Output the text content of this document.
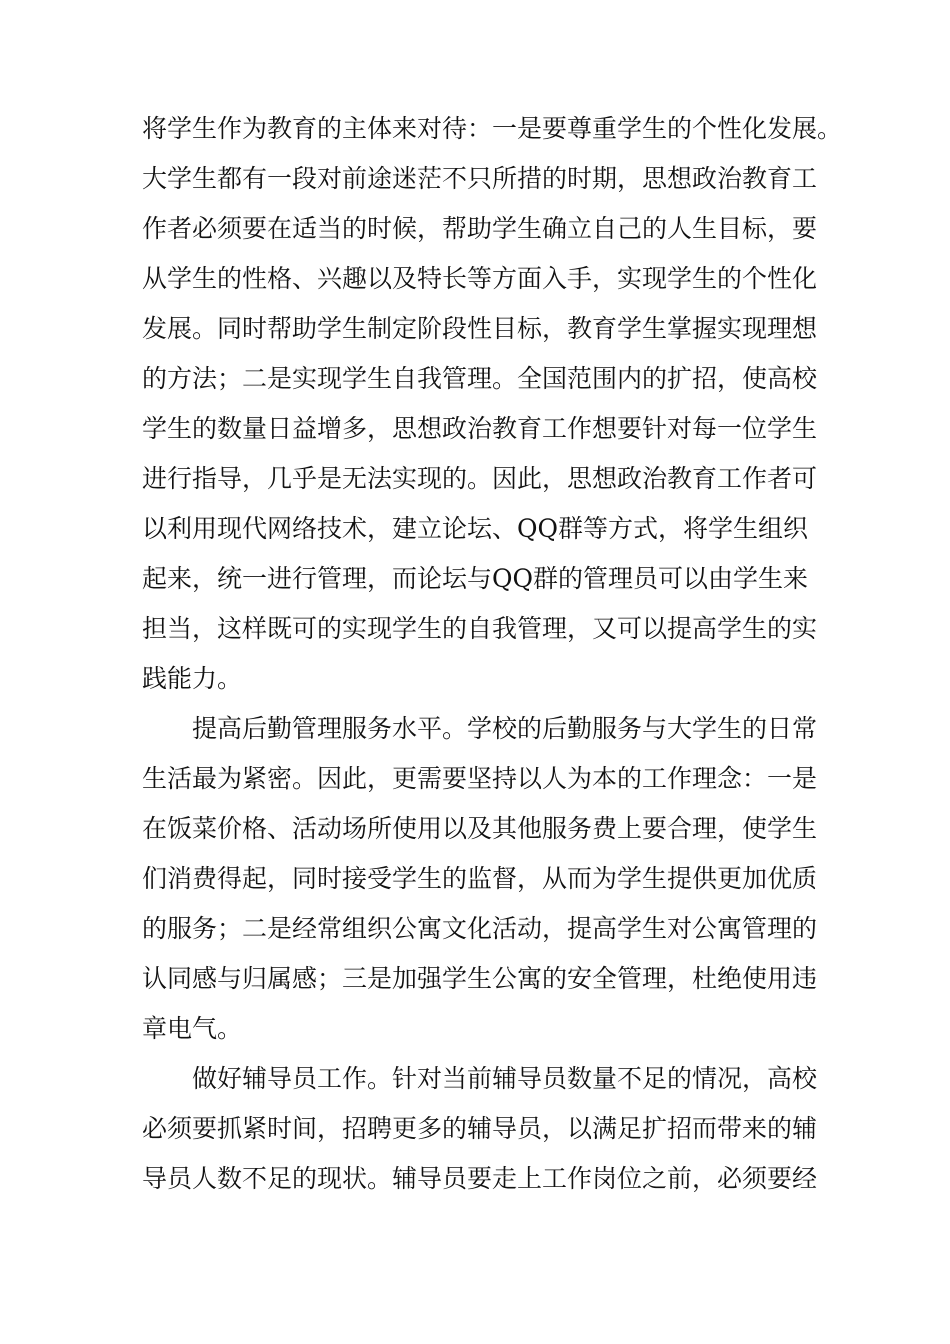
将学生作为教育的主体来对待：一是要尊重学生的个性化发展。
大学生都有一段对前途迷茫不只所措的时期，思想政治教育工
作者必须要在适当的时候，帮助学生确立自己的人生目标，要
从学生的性格、兴趣以及特长等方面入手，实现学生的个性化
发展。同时帮助学生制定阶段性目标，教育学生掌握实现理想
的方法；二是实现学生自我管理。全国范围内的扩招，使高校
学生的数量日益增多，思想政治教育工作想要针对每一位学生
进行指导，几乎是无法实现的。因此，思想政治教育工作者可
以利用现代网络技术，建立论坛、QQ群等方式，将学生组织
起来，统一进行管理，而论坛与QQ群的管理员可以由学生来
担当，这样既可的实现学生的自我管理，又可以提高学生的实
践能力。
提高后勤管理服务水平。学校的后勤服务与大学生的日常
生活最为紧密。因此，更需要坚持以人为本的工作理念：一是
在饭菜价格、活动场所使用以及其他服务费上要合理，使学生
们消费得起，同时接受学生的监督，从而为学生提供更加优质
的服务；二是经常组织公寓文化活动，提高学生对公寓管理的
认同感与归属感；三是加强学生公寓的安全管理，杜绝使用违
章电气。
做好辅导员工作。针对当前辅导员数量不足的情况，高校
必须要抓紧时间，招聘更多的辅导员，以满足扩招而带来的辅
导员人数不足的现状。辅导员要走上工作岗位之前，必须要经
